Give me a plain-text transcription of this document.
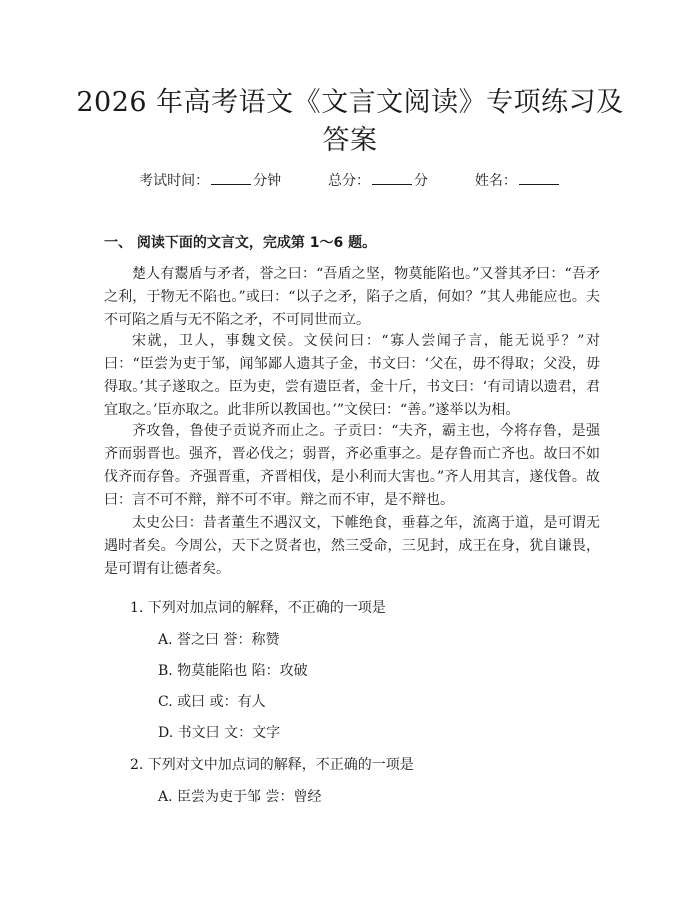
2026 年高考语文《文言文阅读》专项练习及
答案
考试时间：	分钟	总分：	分	姓名：
一、 阅读下面的文言文，完成第 1～6 题。
楚人有鬻盾与矛者，誉之曰：“吾盾之坚，物莫能陷也。”又誉其矛曰：“吾矛之利，于物无不陷也。”或曰：“以子之矛，陷子之盾，何如？”其人弗能应也。夫不可陷之盾与无不陷之矛，不可同世而立。
宋就，卫人，事魏文侯。文侯问曰：“寡人尝闻子言，能无说乎？”对曰：“臣尝为吏于邹，闻邹鄙人遗其子金，书文曰：‘父在，毋不得取；父没，毋得取。’其子遂取之。臣为吏，尝有遗臣者，金十斤，书文曰：‘有司请以遗君，君宜取之。’臣亦取之。此非所以教国也。’”文侯曰：“善。”遂举以为相。
齐攻鲁，鲁使子贡说齐而止之。子贡曰：“夫齐，霸主也，今将存鲁，是强齐而弱晋也。强齐，晋必伐之；弱晋，齐必重事之。是存鲁而亡齐也。故曰不如伐齐而存鲁。齐强晋重，齐晋相伐，是小利而大害也。”齐人用其言，遂伐鲁。故曰：言不可不辩，辩不可不审。辩之而不审，是不辩也。
太史公曰：昔者董生不遇汉文，下帷绝食，垂暮之年，流离于道，是可谓无遇时者矣。今周公，天下之贤者也，然三受命，三见封，成王在身，犹自谦畏，是可谓有让德者矣。
1. 下列对加点词的解释，不正确的一项是
A. 誉之曰 誉：称赞
B. 物莫能陷也 陷：攻破
C. 或曰 或：有人
D. 书文曰 文：文字
2. 下列对文中加点词的解释，不正确的一项是
A. 臣尝为吏于邹 尝：曾经
